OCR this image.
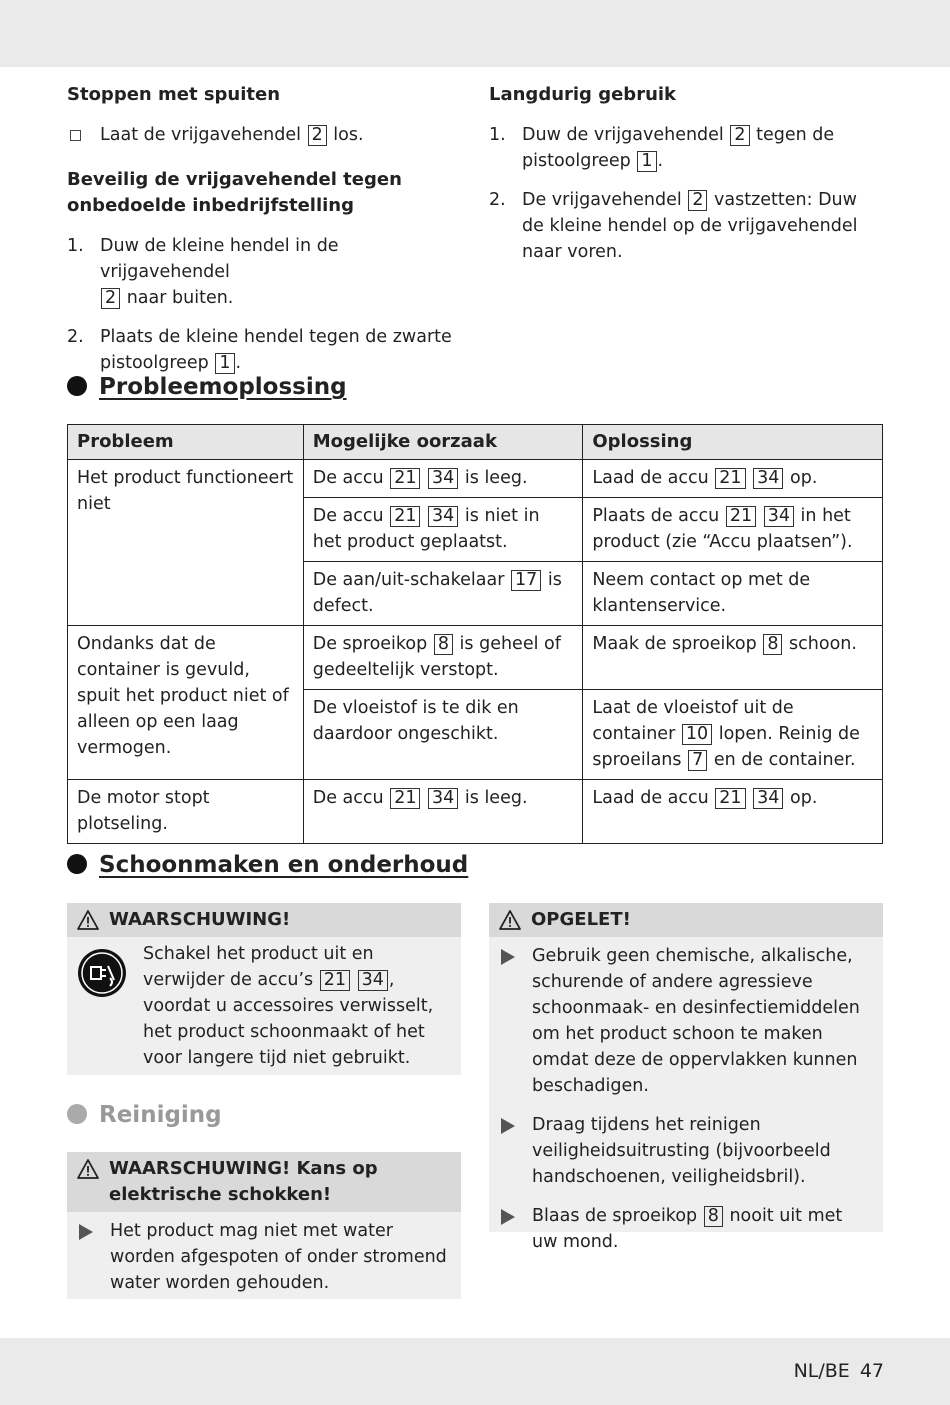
Stoppen met spuiten
Laat de vrijgavehendel 2 los.
Beveilig de vrijgavehendel tegen
onbedoelde inbedrijfstelling
1. Duw de kleine hendel in de vrijgavehendel
2 naar buiten.
2. Plaats de kleine hendel tegen de zwarte pistoolgreep 1 .
Langdurig gebruik
1. Duw de vrijgavehendel 2 tegen de pistoolgreep 1 .
2. De vrijgavehendel 2 vastzetten: Duw de kleine hendel op de vrijgavehendel naar voren.
Probleemoplossing
Probleem	Mogelijke oorzaak	Oplossing
Het product functioneert niet	De accu 21 34 is leeg.	Laad de accu 21 34 op.
	De accu 21 34 is niet in het product geplaatst.	Plaats de accu 21 34 in het product (zie “Accu plaatsen”).
	De aan/uit-schakelaar 17 is defect.	Neem contact op met de klantenservice.
Ondanks dat de container is gevuld, spuit het product niet of alleen op een laag vermogen.	De sproeikop 8 is geheel of gedeeltelijk verstopt.	Maak de sproeikop 8 schoon.
	De vloeistof is te dik en daardoor ongeschikt.	Laat de vloeistof uit de container 10 lopen. Reinig de sproeilans 7 en de container.
De motor stopt plotseling.	De accu 21 34 is leeg.	Laad de accu 21 34 op.
Schoonmaken en onderhoud
WAARSCHUWING!
Schakel het product uit en verwijder de accu’s 21 34 , voordat u accessoires verwisselt, het product schoonmaakt of het voor langere tijd niet gebruikt.
OPGELET!
Gebruik geen chemische, alkalische, schurende of andere agressieve schoonmaak- en desinfectiemiddelen om het product schoon te maken omdat deze de oppervlakken kunnen beschadigen.
Draag tijdens het reinigen veiligheidsuitrusting (bijvoorbeeld handschoenen, veiligheidsbril).
Blaas de sproeikop 8 nooit uit met uw mond.
Reiniging
WAARSCHUWING! Kans op elektrische schokken!
Het product mag niet met water worden afgespoten of onder stromend water worden gehouden.
NL/BE 47
